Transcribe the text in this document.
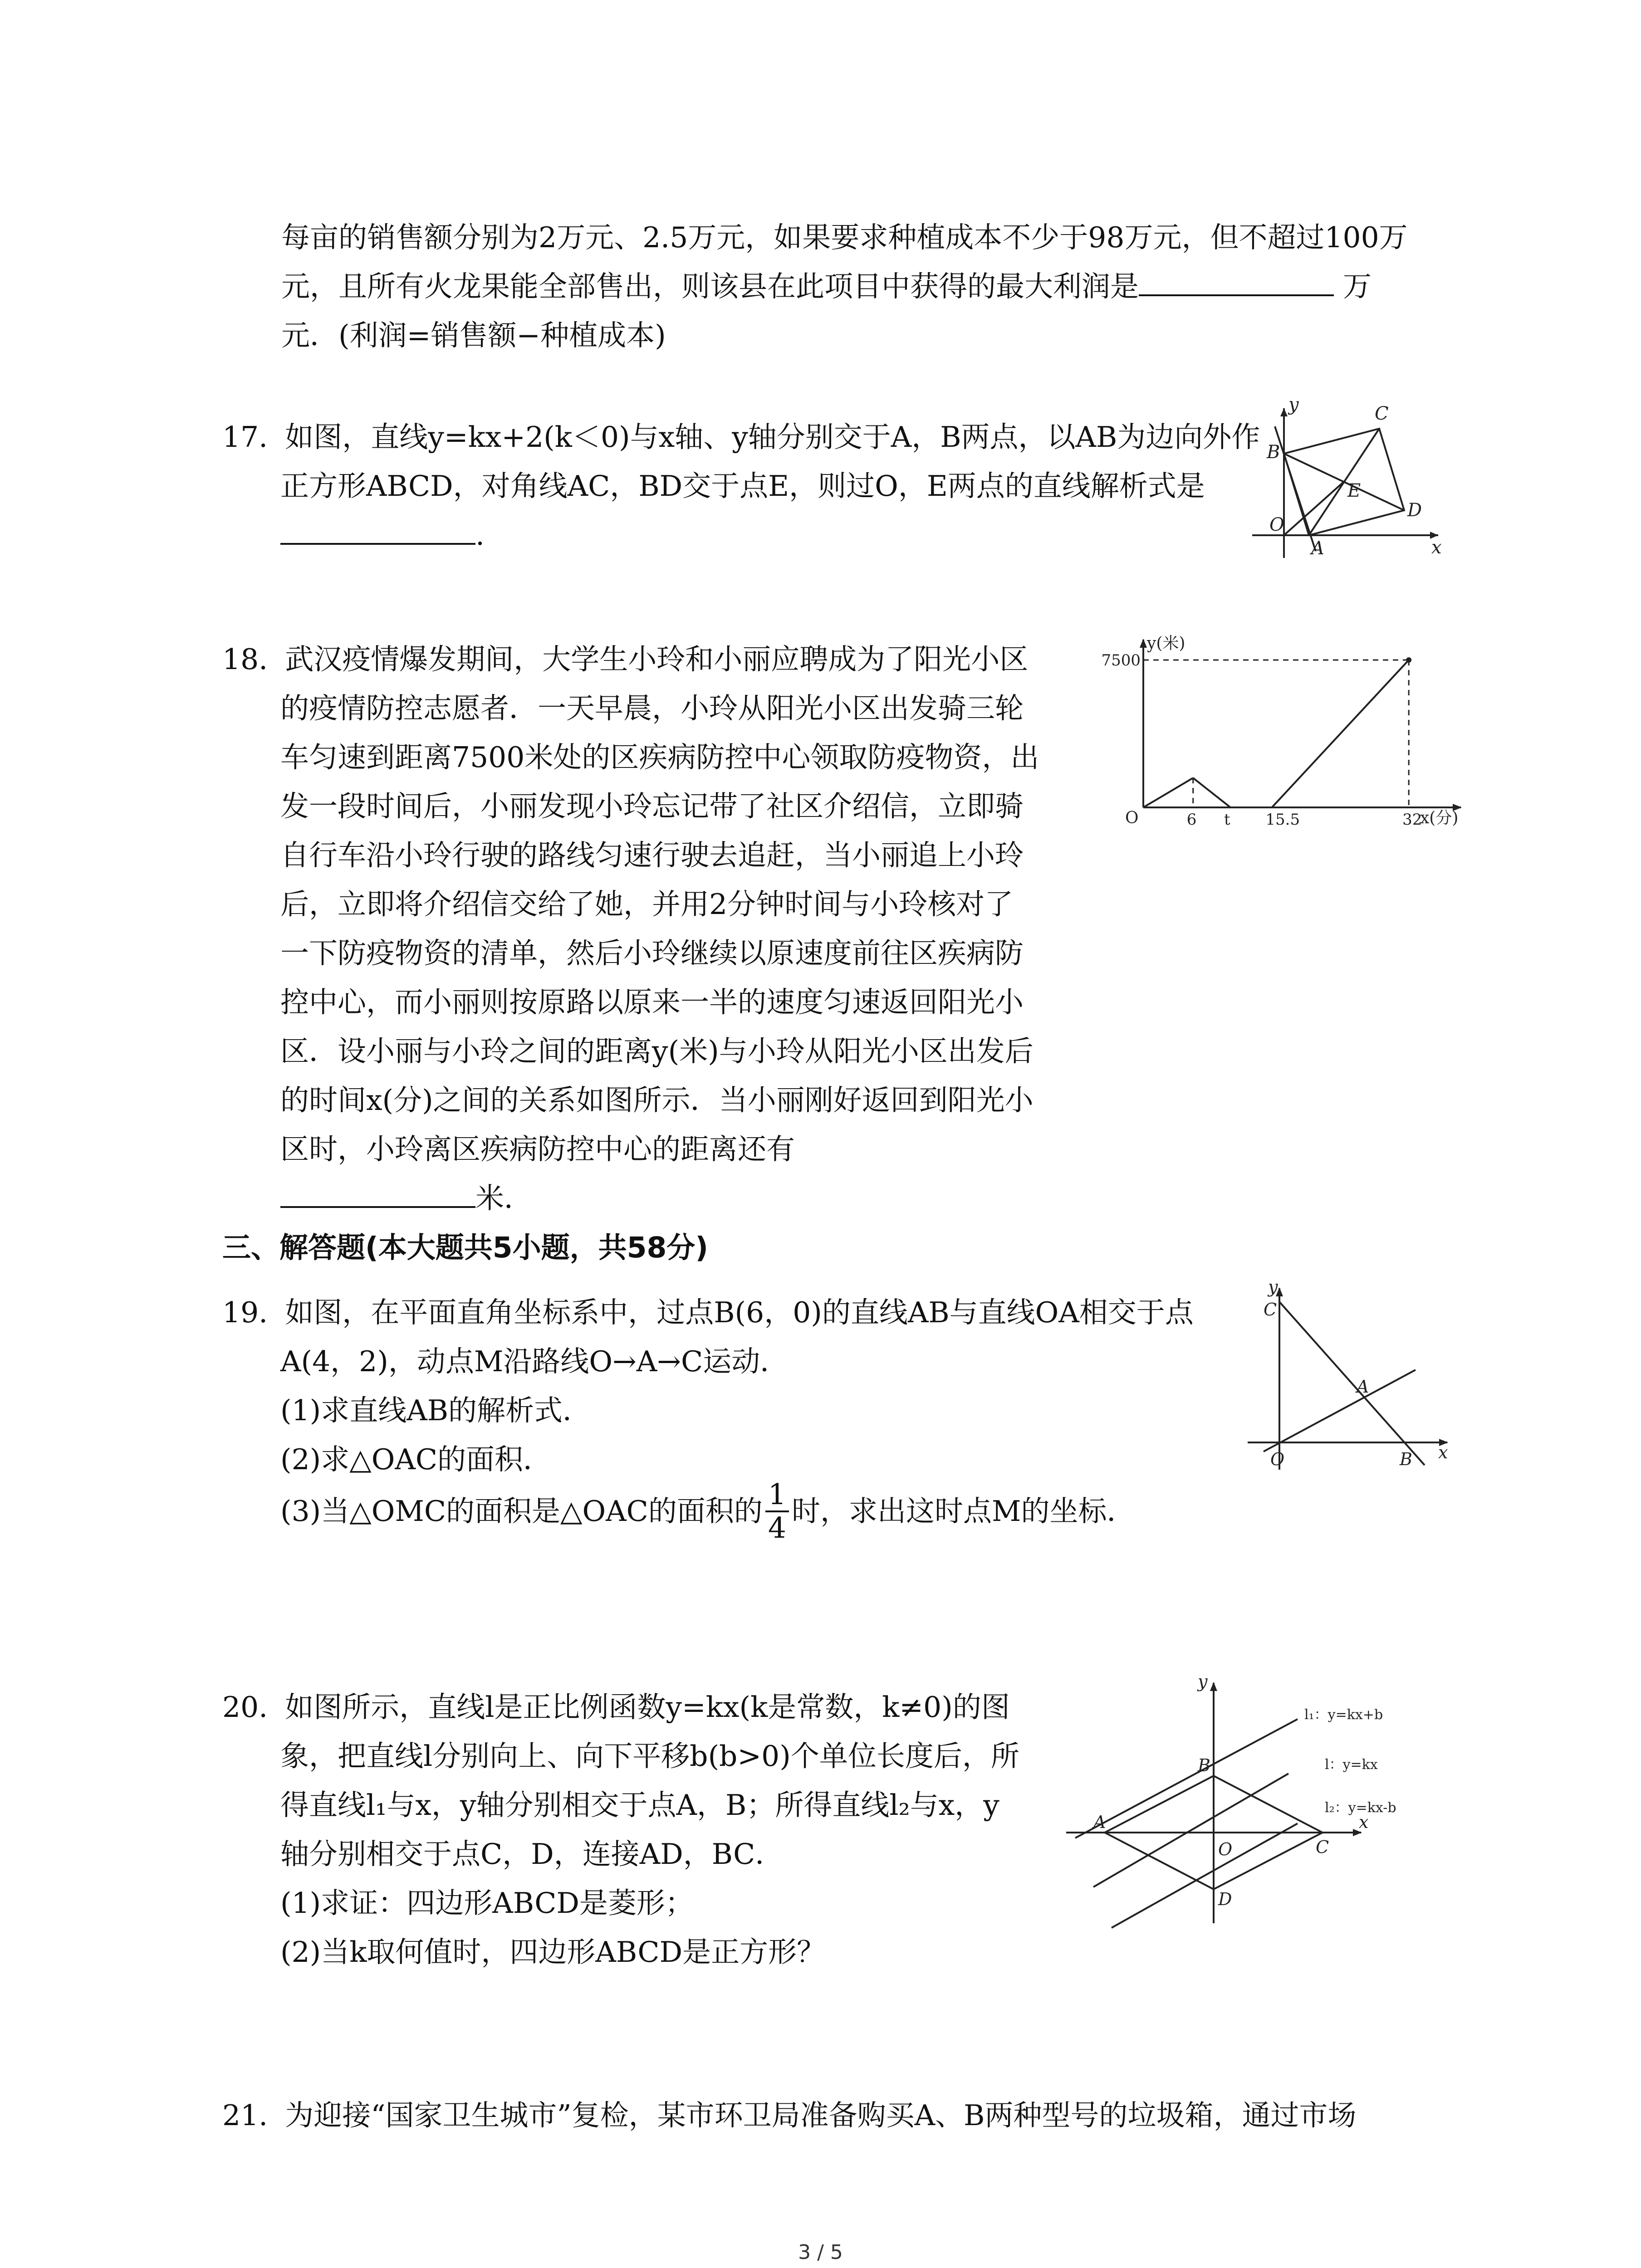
每亩的销售额分别为2万元、2.5万元，如果要求种植成本不少于98万元，但不超过100万
元，且所有火龙果能全部售出，则该县在此项目中获得的最大利润是	万
元．(利润=销售额−种植成本)
17. 如图，直线y=kx+2(k＜0)与x轴、y轴分别交于A，B两点，以AB为边向外作
正方形ABCD，对角线AC，BD交于点E，则过O，E两点的直线解析式是
.	O
A
B
C
D
E
x
y
18. 武汉疫情爆发期间，大学生小玲和小丽应聘成为了阳光小区
的疫情防控志愿者．一天早晨，小玲从阳光小区出发骑三轮
车匀速到距离7500米处的区疾病防控中心领取防疫物资，出
发一段时间后，小丽发现小玲忘记带了社区介绍信，立即骑
自行车沿小玲行驶的路线匀速行驶去追赶，当小丽追上小玲
后，立即将介绍信交给了她，并用2分钟时间与小玲核对了
一下防疫物资的清单，然后小玲继续以原速度前往区疾病防
控中心，而小丽则按原路以原来一半的速度匀速返回阳光小
区．设小丽与小玲之间的距离y(米)与小玲从阳光小区出发后
的时间x(分)之间的关系如图所示．当小丽刚好返回到阳光小
区时，小玲离区疾病防控中心的距离还有
米．
6 t 15.5	32
7500
O
y(米)
x(分)
三、解答题(本大题共5小题，共58分)
19. 如图，在平面直角坐标系中，过点B(6，0)的直线AB与直线OA相交于点
A(4，2)，动点M沿路线O→A→C运动．
(1)求直线AB的解析式．
(2)求△OAC的面积．
(3)当△OMC的面积是△OAC的面积的 $\frac{1}{4}$ 时，求出这时点M的坐标．
O	B
A
C
x
y
20. 如图所示，直线l是正比例函数y=kx(k是常数，k≠0)的图
象，把直线l分别向上、向下平移b(b>0)个单位长度后，所
得直线l₁与x，y轴分别相交于点A，B；所得直线l₂与x，y
轴分别相交于点C，D，连接AD，BC．
(1)求证：四边形ABCD是菱形；
(2)当k取何值时，四边形ABCD是正方形？
A
B
C
D
O
x
y
l₁：y=kx+b
l：y=kx
l₂：y=kx-b
21. 为迎接“国家卫生城市”复检，某市环卫局准备购买A、B两种型号的垃圾箱，通过市场
3 / 5
